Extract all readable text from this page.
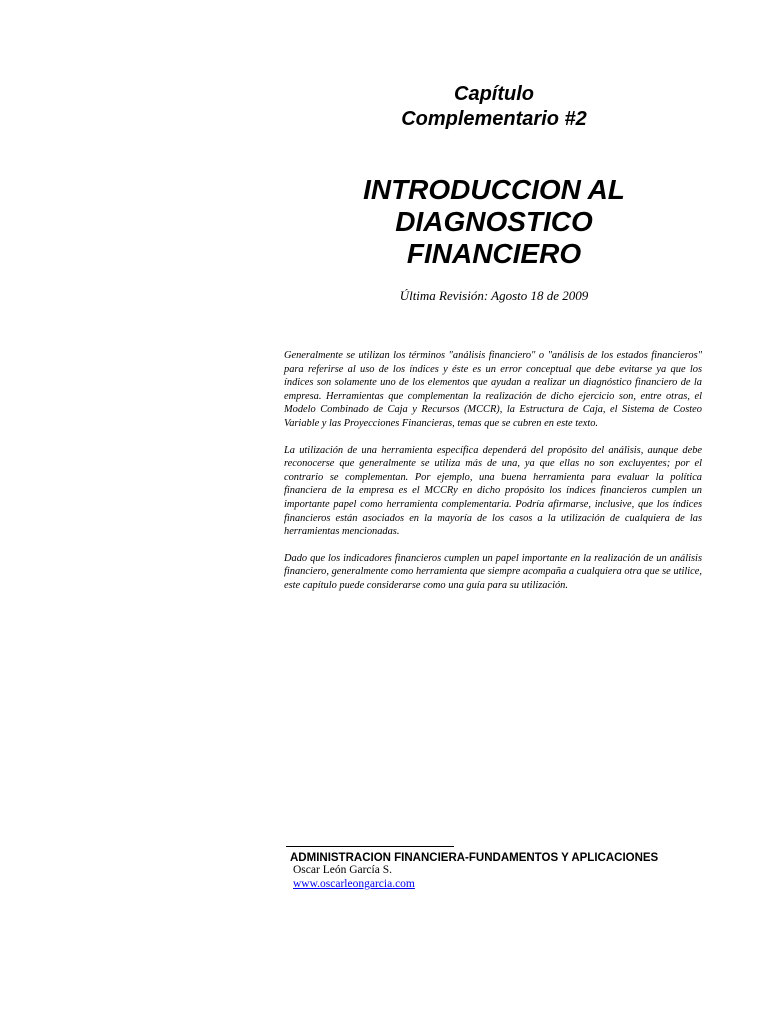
Capítulo
Complementario #2
INTRODUCCION AL
DIAGNOSTICO
FINANCIERO
Última Revisión: Agosto 18 de 2009

Generalmente se utilizan los términos "análisis financiero" o "análisis de los estados financieros" para referirse al uso de los índices y éste es un error conceptual que debe evitarse ya que los índices son solamente uno de los elementos que ayudan a realizar un diagnóstico financiero de la empresa. Herramientas que complementan la realización de dicho ejercicio son, entre otras, el Modelo Combinado de Caja y Recursos (MCCR), la Estructura de Caja, el Sistema de Costeo Variable y las Proyecciones Financieras, temas que se cubren en este texto.

La utilización de una herramienta específica dependerá del propósito del análisis, aunque debe reconocerse que generalmente se utiliza más de una, ya que ellas no son excluyentes; por el contrario se complementan. Por ejemplo, una buena herramienta para evaluar la política financiera de la empresa es el MCCRy en dicho propósito los índices financieros cumplen un importante papel como herramienta complementaria. Podría afirmarse, inclusive, que los índices financieros están asociados en la mayoría de los casos a la utilización de cualquiera de las herramientas mencionadas.

Dado que los indicadores financieros cumplen un papel importante en la realización de un análisis financiero, generalmente como herramienta que siempre acompaña a cualquiera otra que se utilice, este capítulo puede considerarse como una guía para su utilización.

ADMINISTRACION FINANCIERA-FUNDAMENTOS Y APLICACIONES
Oscar León García S.
www.oscarleongarcia.com
